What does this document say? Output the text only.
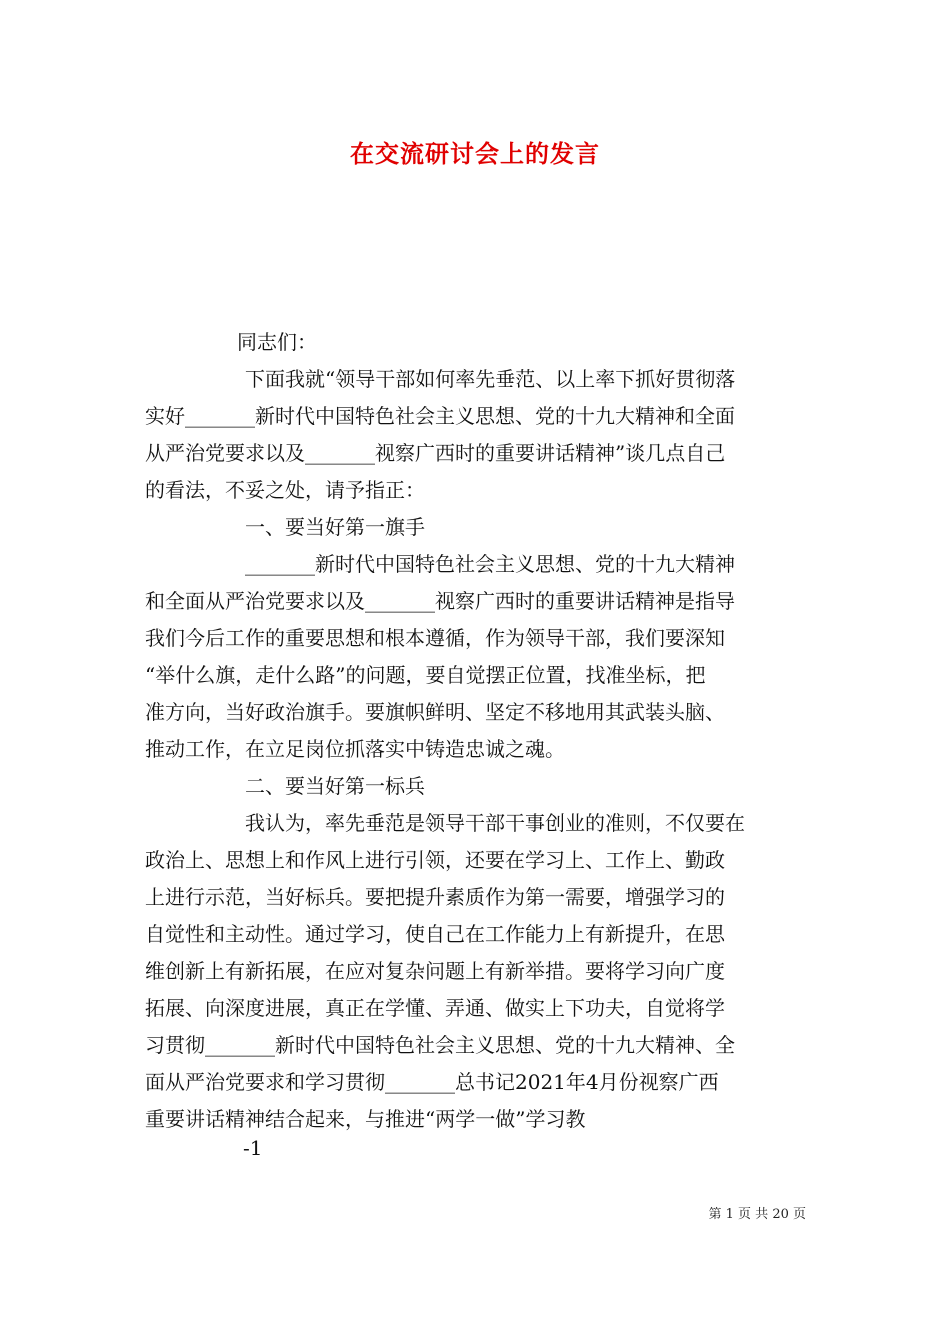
在交流研讨会上的发言
同志们：
下面我就“领导干部如何率先垂范、以上率下抓好贯彻落
实好_______新时代中国特色社会主义思想、党的十九大精神和全面
从严治党要求以及_______视察广西时的重要讲话精神”谈几点自己
的看法，不妥之处，请予指正：
一、要当好第一旗手
_______新时代中国特色社会主义思想、党的十九大精神
和全面从严治党要求以及_______视察广西时的重要讲话精神是指导
我们今后工作的重要思想和根本遵循，作为领导干部，我们要深知
“举什么旗，走什么路”的问题，要自觉摆正位置，找准坐标，把
准方向，当好政治旗手。要旗帜鲜明、坚定不移地用其武装头脑、
推动工作，在立足岗位抓落实中铸造忠诚之魂。
二、要当好第一标兵
我认为，率先垂范是领导干部干事创业的准则，不仅要在
政治上、思想上和作风上进行引领，还要在学习上、工作上、勤政
上进行示范，当好标兵。要把提升素质作为第一需要，增强学习的
自觉性和主动性。通过学习，使自己在工作能力上有新提升，在思
维创新上有新拓展，在应对复杂问题上有新举措。要将学习向广度
拓展、向深度进展，真正在学懂、弄通、做实上下功夫，自觉将学
习贯彻_______新时代中国特色社会主义思想、党的十九大精神、全
面从严治党要求和学习贯彻_______总书记2021年4月份视察广西
重要讲话精神结合起来，与推进“两学一做”学习教
-1
第 1 页 共 20 页
